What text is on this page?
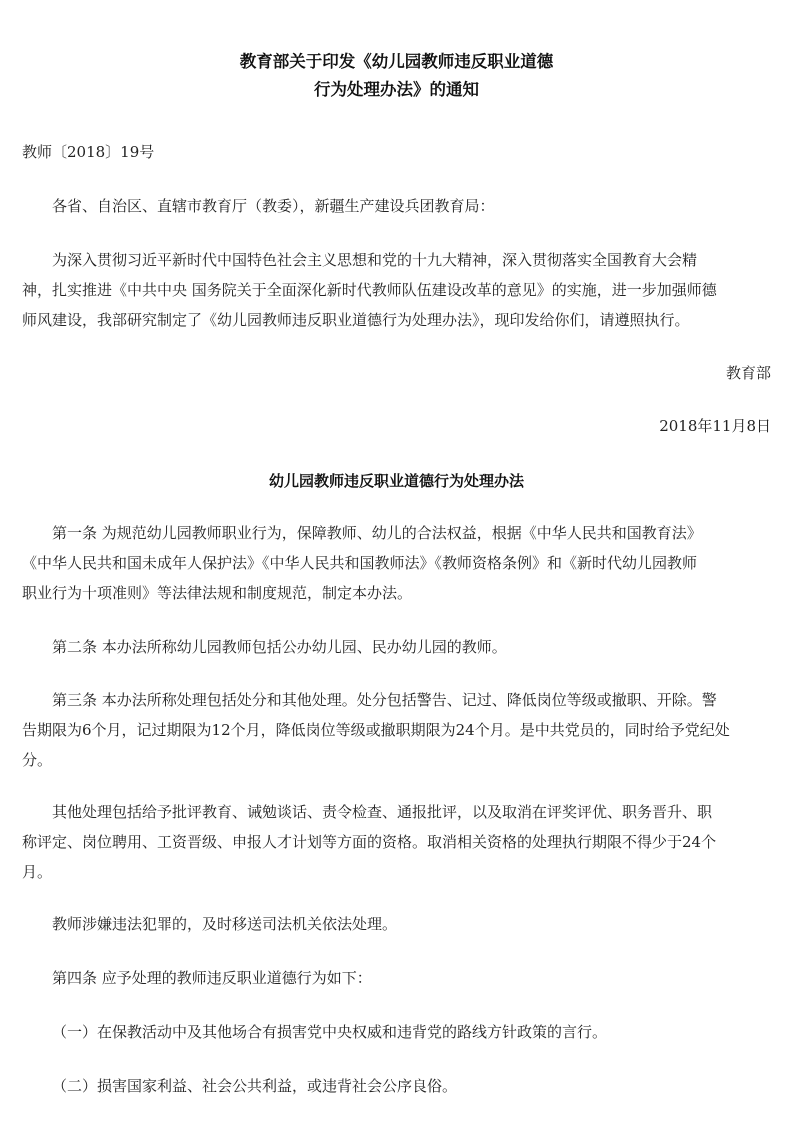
教育部关于印发《幼儿园教师违反职业道德
行为处理办法》的通知
教师〔2018〕19号
各省、自治区、直辖市教育厅（教委），新疆生产建设兵团教育局：
为深入贯彻习近平新时代中国特色社会主义思想和党的十九大精神，深入贯彻落实全国教育大会精
神，扎实推进《中共中央 国务院关于全面深化新时代教师队伍建设改革的意见》的实施，进一步加强师德
师风建设，我部研究制定了《幼儿园教师违反职业道德行为处理办法》，现印发给你们，请遵照执行。
教育部
2018年11月8日
幼儿园教师违反职业道德行为处理办法
第一条 为规范幼儿园教师职业行为，保障教师、幼儿的合法权益，根据《中华人民共和国教育法》
《中华人民共和国未成年人保护法》《中华人民共和国教师法》《教师资格条例》和《新时代幼儿园教师
职业行为十项准则》等法律法规和制度规范，制定本办法。
第二条 本办法所称幼儿园教师包括公办幼儿园、民办幼儿园的教师。
第三条 本办法所称处理包括处分和其他处理。处分包括警告、记过、降低岗位等级或撤职、开除。警
告期限为6个月，记过期限为12个月，降低岗位等级或撤职期限为24个月。是中共党员的，同时给予党纪处
分。
其他处理包括给予批评教育、诫勉谈话、责令检查、通报批评，以及取消在评奖评优、职务晋升、职
称评定、岗位聘用、工资晋级、申报人才计划等方面的资格。取消相关资格的处理执行期限不得少于24个
月。
教师涉嫌违法犯罪的，及时移送司法机关依法处理。
第四条 应予处理的教师违反职业道德行为如下：
（一）在保教活动中及其他场合有损害党中央权威和违背党的路线方针政策的言行。
（二）损害国家利益、社会公共利益，或违背社会公序良俗。
